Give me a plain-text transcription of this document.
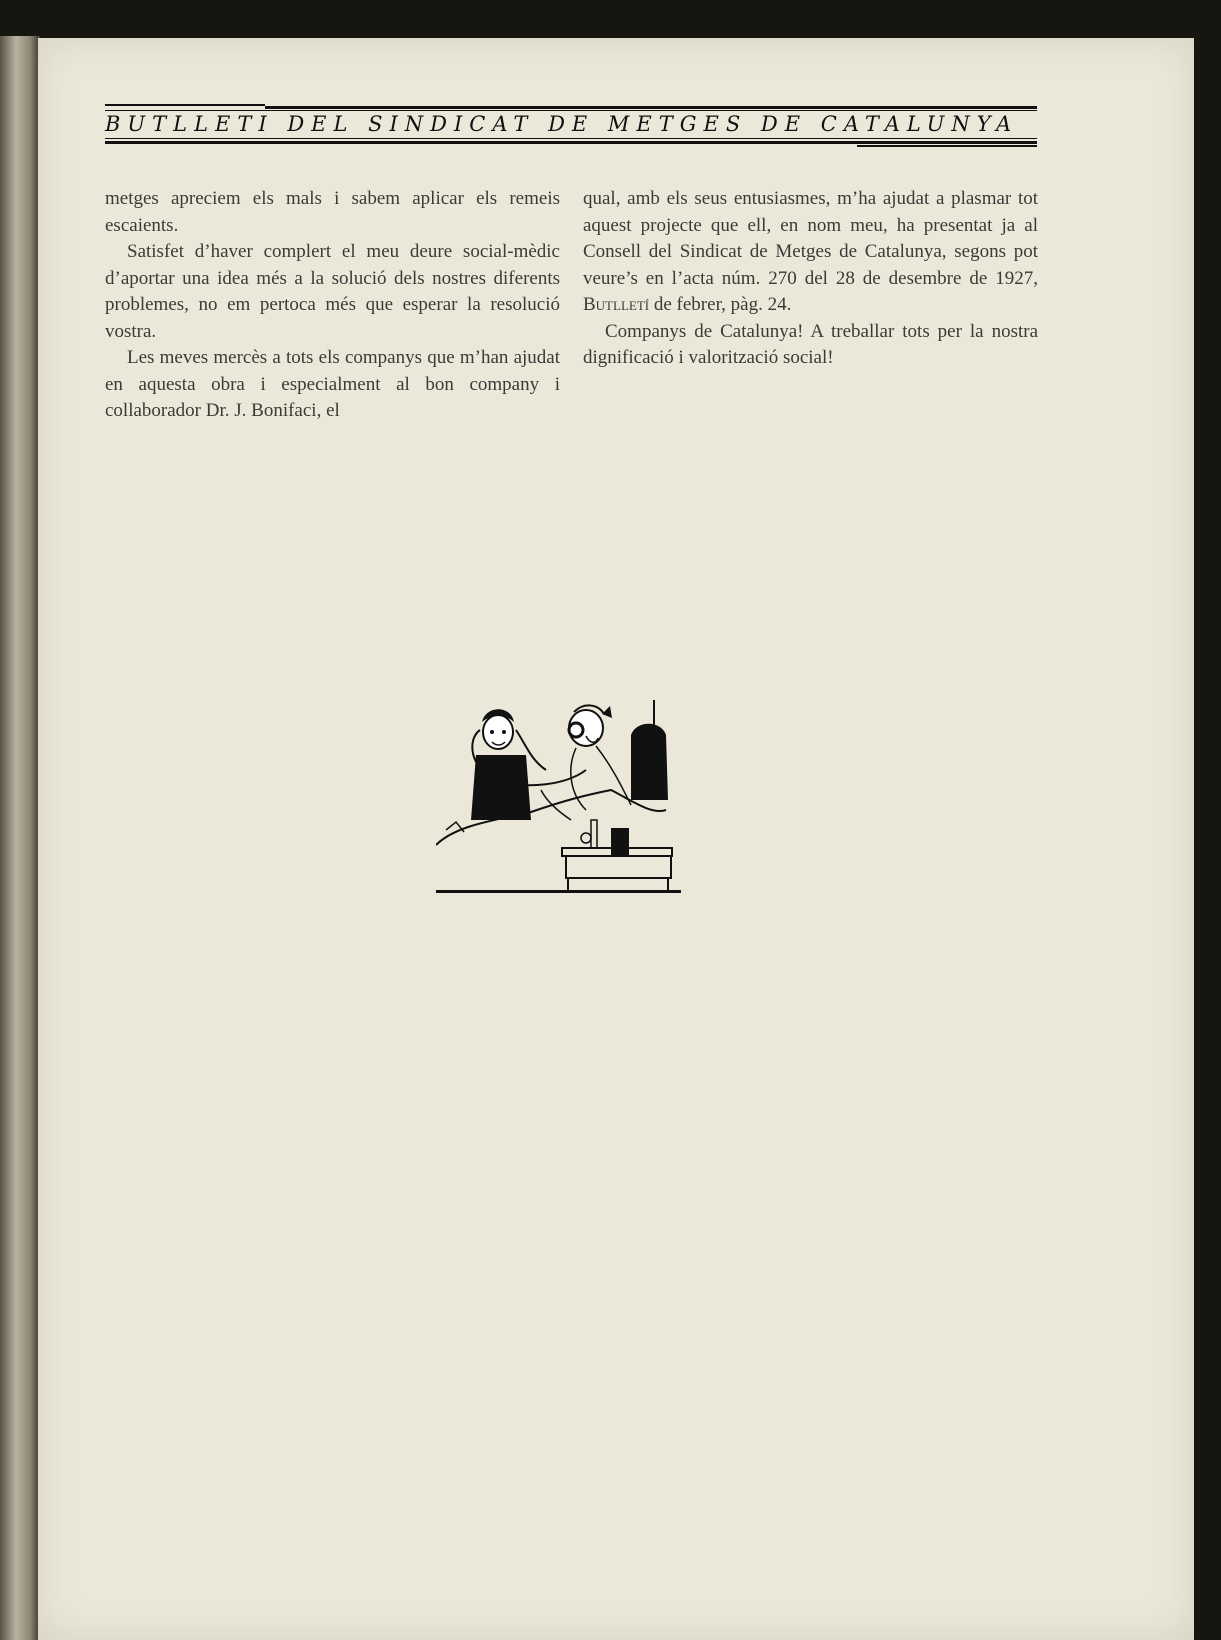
BUTLLETI DEL SINDICAT DE METGES DE CATALUNYA

metges apreciem els mals i sabem aplicar els remeis escaients.

Satisfet d’haver complert el meu deure social-mèdic d’aportar una idea més a la solució dels nostres diferents problemes, no em pertoca més que esperar la resolució vostra.

Les meves mercès a tots els companys que m’han ajudat en aquesta obra i especialment al bon company i collaborador Dr. J. Bonifaci, el

qual, amb els seus entusiasmes, m’ha ajudat a plasmar tot aquest projecte que ell, en nom meu, ha presentat ja al Consell del Sindicat de Metges de Catalunya, segons pot veure’s en l’acta núm. 270 del 28 de desembre de 1927, Butlletí de febrer, pàg. 24.

Companys de Catalunya! A treballar tots per la nostra dignificació i valorització social!
